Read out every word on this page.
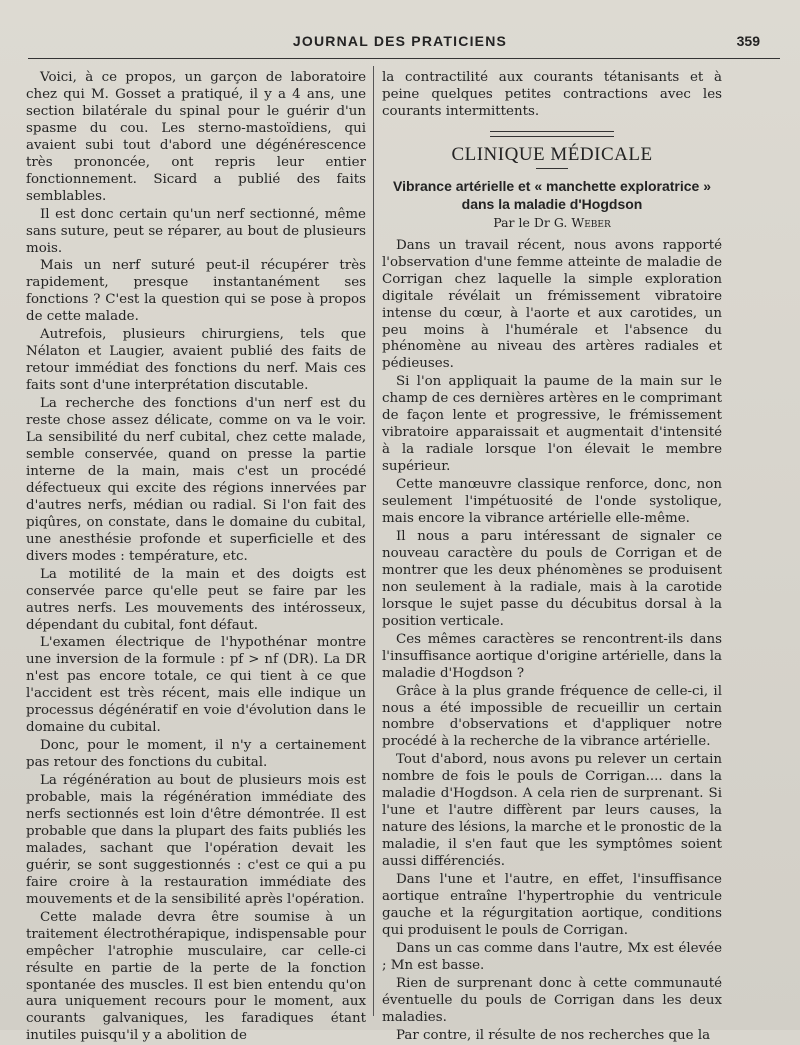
JOURNAL DES PRATICIENS	359

Voici, à ce propos, un garçon de laboratoire chez qui M. Gosset a pratiqué, il y a 4 ans, une section bilatérale du spinal pour le guérir d'un spasme du cou. Les sterno-mastoïdiens, qui avaient subi tout d'abord une dégénérescence très prononcée, ont repris leur entier fonctionnement. Sicard a publié des faits semblables.

Il est donc certain qu'un nerf sectionné, même sans suture, peut se réparer, au bout de plusieurs mois.

Mais un nerf suturé peut-il récupérer très rapidement, presque instantanément ses fonctions ? C'est la question qui se pose à propos de cette malade.

Autrefois, plusieurs chirurgiens, tels que Nélaton et Laugier, avaient publié des faits de retour immédiat des fonctions du nerf. Mais ces faits sont d'une interprétation discutable.

La recherche des fonctions d'un nerf est du reste chose assez délicate, comme on va le voir. La sensibilité du nerf cubital, chez cette malade, semble conservée, quand on presse la partie interne de la main, mais c'est un procédé défectueux qui excite des régions innervées par d'autres nerfs, médian ou radial. Si l'on fait des piqûres, on constate, dans le domaine du cubital, une anesthésie profonde et superficielle et des divers modes : température, etc.

La motilité de la main et des doigts est conservée parce qu'elle peut se faire par les autres nerfs. Les mouvements des intérosseux, dépendant du cubital, font défaut.

L'examen électrique de l'hypothénar montre une inversion de la formule : pf > nf (DR). La DR n'est pas encore totale, ce qui tient à ce que l'accident est très récent, mais elle indique un processus dégénératif en voie d'évolution dans le domaine du cubital.

Donc, pour le moment, il n'y a certainement pas retour des fonctions du cubital.

La régénération au bout de plusieurs mois est probable, mais la régénération immédiate des nerfs sectionnés est loin d'être démontrée. Il est probable que dans la plupart des faits publiés les malades, sachant que l'opération devait les guérir, se sont suggestionnés : c'est ce qui a pu faire croire à la restauration immédiate des mouvements et de la sensibilité après l'opération.

Cette malade devra être soumise à un traitement électrothérapique, indispensable pour empêcher l'atrophie musculaire, car celle-ci résulte en partie de la perte de la fonction spontanée des muscles. Il est bien entendu qu'on aura uniquement recours pour le moment, aux courants galvaniques, les faradiques étant inutiles puisqu'il y a abolition de

la contractilité aux courants tétanisants et à peine quelques petites contractions avec les courants intermittents.

CLINIQUE MÉDICALE
Vibrance artérielle et « manchette exploratrice » dans la maladie d'Hogdson
Par le Dr G. Weber

Dans un travail récent, nous avons rapporté l'observation d'une femme atteinte de maladie de Corrigan chez laquelle la simple exploration digitale révélait un frémissement vibratoire intense du cœur, à l'aorte et aux carotides, un peu moins à l'humérale et l'absence du phénomène au niveau des artères radiales et pédieuses.

Si l'on appliquait la paume de la main sur le champ de ces dernières artères en le comprimant de façon lente et progressive, le frémissement vibratoire apparaissait et augmentait d'intensité à la radiale lorsque l'on élevait le membre supérieur.

Cette manœuvre classique renforce, donc, non seulement l'impétuosité de l'onde systolique, mais encore la vibrance artérielle elle-même.

Il nous a paru intéressant de signaler ce nouveau caractère du pouls de Corrigan et de montrer que les deux phénomènes se produisent non seulement à la radiale, mais à la carotide lorsque le sujet passe du décubitus dorsal à la position verticale.

Ces mêmes caractères se rencontrent-ils dans l'insuffisance aortique d'origine artérielle, dans la maladie d'Hogdson ?

Grâce à la plus grande fréquence de celle-ci, il nous a été impossible de recueillir un certain nombre d'observations et d'appliquer notre procédé à la recherche de la vibrance artérielle.

Tout d'abord, nous avons pu relever un certain nombre de fois le pouls de Corrigan.... dans la maladie d'Hogdson. A cela rien de surprenant. Si l'une et l'autre diffèrent par leurs causes, la nature des lésions, la marche et le pronostic de la maladie, il s'en faut que les symptômes soient aussi différenciés.

Dans l'une et l'autre, en effet, l'insuffisance aortique entraîne l'hypertrophie du ventricule gauche et la régurgitation aortique, conditions qui produisent le pouls de Corrigan.

Dans un cas comme dans l'autre, Mx est élevée ; Mn est basse.

Rien de surprenant donc à cette communauté éventuelle du pouls de Corrigan dans les deux maladies.

Par contre, il résulte de nos recherches que la
